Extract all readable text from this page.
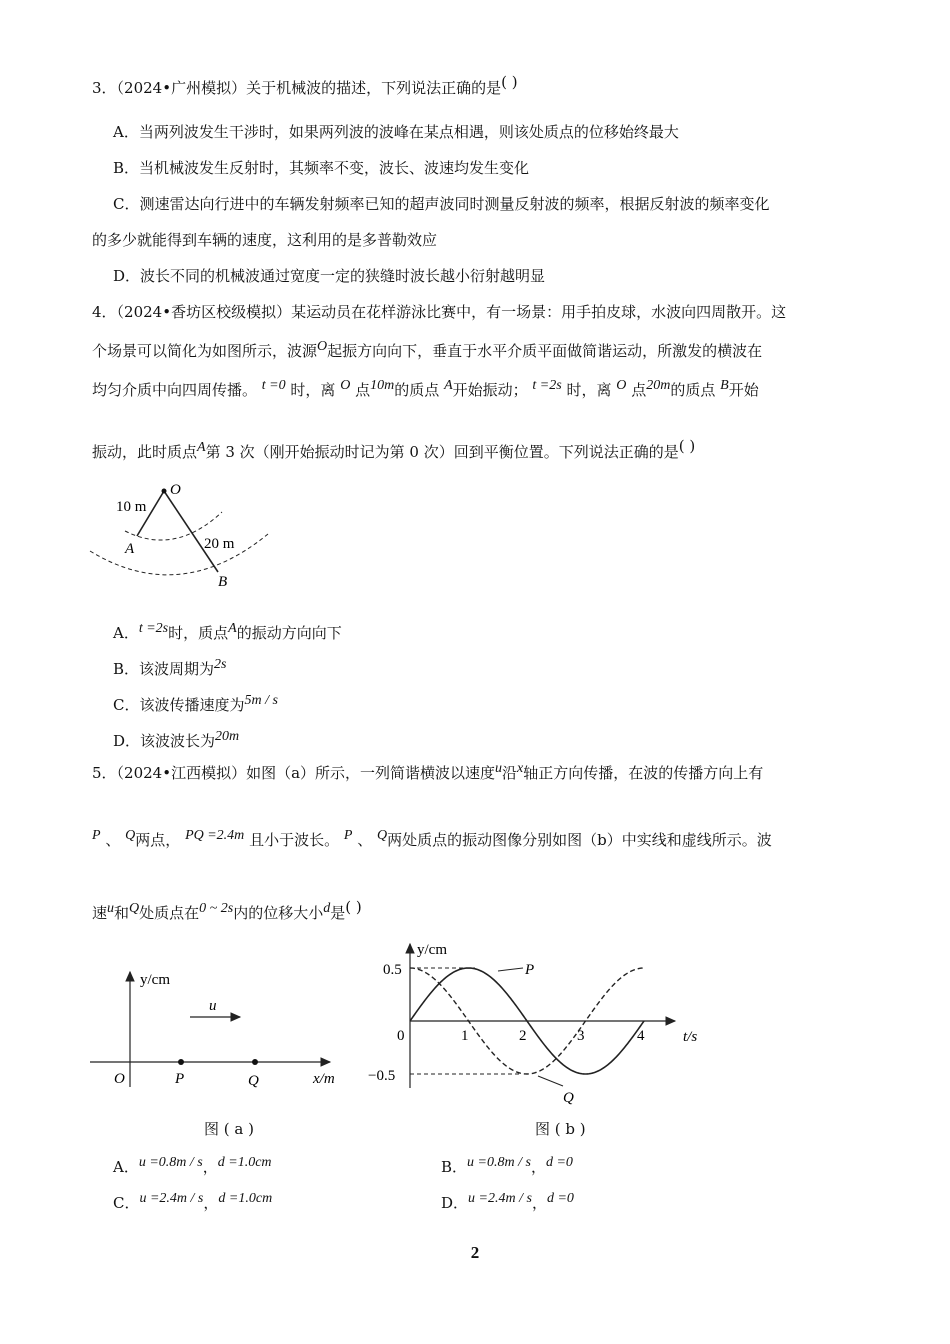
3．（2024•广州模拟）关于机械波的描述，下列说法正确的是( )
A．当两列波发生干涉时，如果两列波的波峰在某点相遇，则该处质点的位移始终最大
B．当机械波发生反射时，其频率不变，波长、波速均发生变化
C．测速雷达向行进中的车辆发射频率已知的超声波同时测量反射波的频率，根据反射波的频率变化
的多少就能得到车辆的速度，这利用的是多普勒效应
D．波长不同的机械波通过宽度一定的狭缝时波长越小衍射越明显
4．（2024•香坊区校级模拟）某运动员在花样游泳比赛中，有一场景：用手拍皮球，水波向四周散开。这
个场景可以简化为如图所示，波源O起振方向向下，垂直于水平介质平面做简谐运动，所激发的横波在
均匀介质中向四周传播。 t =0 时，离 O 点10m的质点 A开始振动； t =2s 时，离 O 点20m的质点 B开始
振动，此时质点A第 3 次（刚开始振动时记为第 0 次）回到平衡位置。下列说法正确的是( )
O
A
B
10 m
20 m
A．t =2s时，质点A的振动方向向下
B．该波周期为2s
C．该波传播速度为5m / s
D．该波波长为20m
5．（2024•江西模拟）如图（a）所示，一列简谐横波以速度u沿x轴正方向传播，在波的传播方向上有
P 、 Q两点， PQ =2.4m 且小于波长。 P 、 Q两处质点的振动图像分别如图（b）中实线和虚线所示。波
速u和Q处质点在0 ~ 2s内的位移大小d是( )
y/cm
u
O	P	Q	x/m
图 ( a )
y/cm
t/s
0.5
−0.5
0	1	2	3	4
P
Q
图 ( b )
A．u =0.8m / s，d =1.0cm	B．u =0.8m / s，d =0
C．u =2.4m / s，d =1.0cm	D．u =2.4m / s，d =0
2
